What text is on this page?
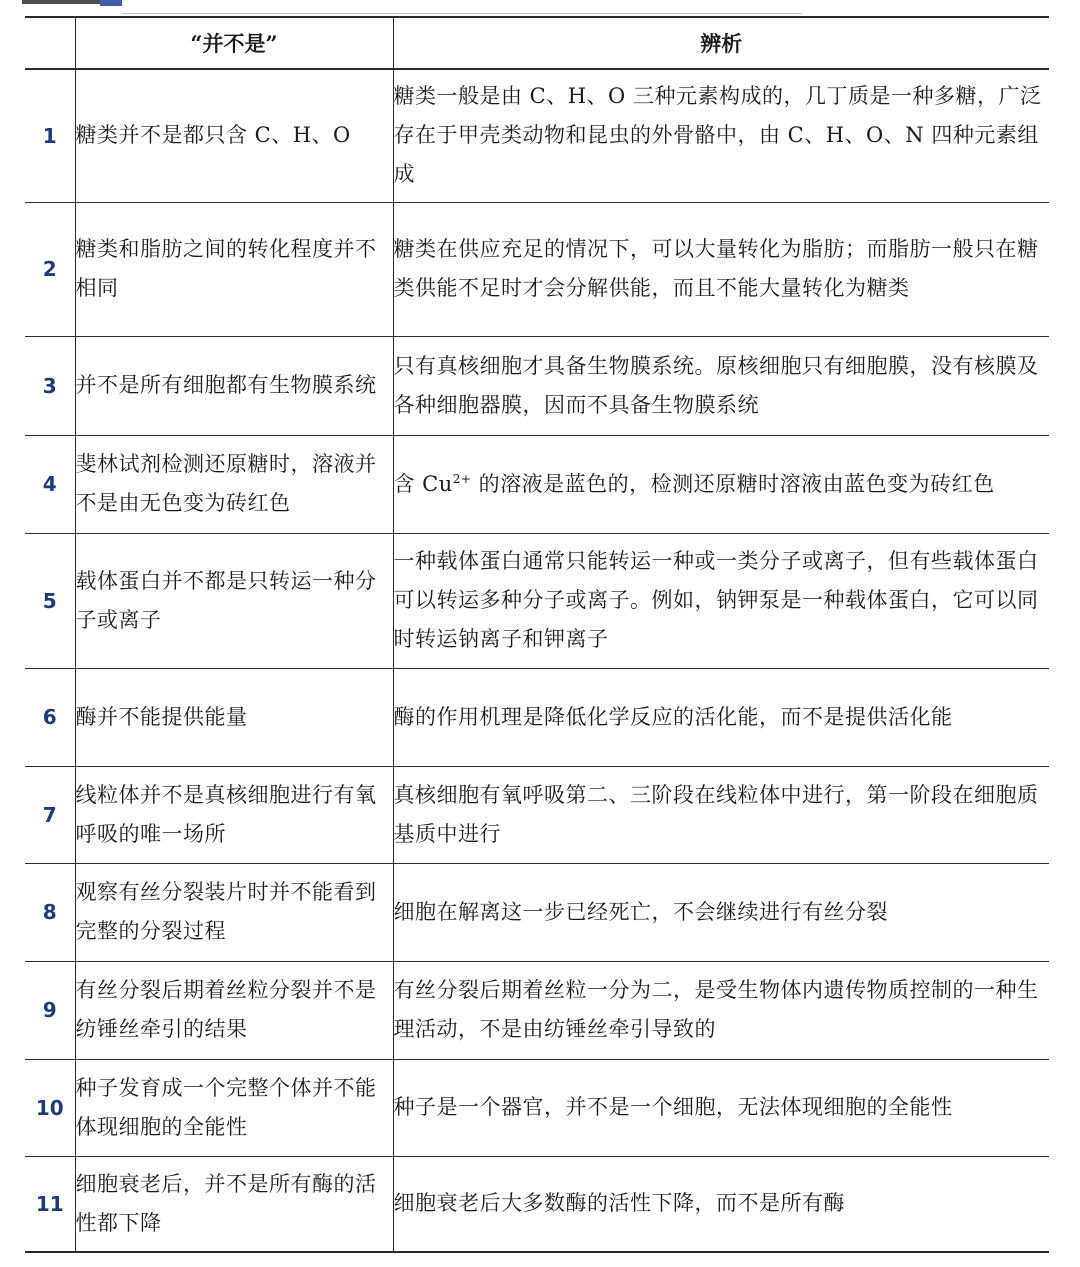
	“并不是”	辨析
1	糖类并不是都只含 C、H、O	糖类一般是由 C、H、O 三种元素构成的，几丁质是一种多糖，广泛存在于甲壳类动物和昆虫的外骨骼中，由 C、H、O、N 四种元素组成
2	糖类和脂肪之间的转化程度并不相同	糖类在供应充足的情况下，可以大量转化为脂肪；而脂肪一般只在糖类供能不足时才会分解供能，而且不能大量转化为糖类
3	并不是所有细胞都有生物膜系统	只有真核细胞才具备生物膜系统。原核细胞只有细胞膜，没有核膜及各种细胞器膜，因而不具备生物膜系统
4	斐林试剂检测还原糖时，溶液并不是由无色变为砖红色	含 $Cu^{2+}$ 的溶液是蓝色的，检测还原糖时溶液由蓝色变为砖红色
5	载体蛋白并不都是只转运一种分子或离子	一种载体蛋白通常只能转运一种或一类分子或离子，但有些载体蛋白可以转运多种分子或离子。例如，钠钾泵是一种载体蛋白，它可以同时转运钠离子和钾离子
6	酶并不能提供能量	酶的作用机理是降低化学反应的活化能，而不是提供活化能
7	线粒体并不是真核细胞进行有氧呼吸的唯一场所	真核细胞有氧呼吸第二、三阶段在线粒体中进行，第一阶段在细胞质基质中进行
8	观察有丝分裂装片时并不能看到完整的分裂过程	细胞在解离这一步已经死亡，不会继续进行有丝分裂
9	有丝分裂后期着丝粒分裂并不是纺锤丝牵引的结果	有丝分裂后期着丝粒一分为二，是受生物体内遗传物质控制的一种生理活动，不是由纺锤丝牵引导致的
10	种子发育成一个完整个体并不能体现细胞的全能性	种子是一个器官，并不是一个细胞，无法体现细胞的全能性
11	细胞衰老后，并不是所有酶的活性都下降	细胞衰老后大多数酶的活性下降，而不是所有酶
